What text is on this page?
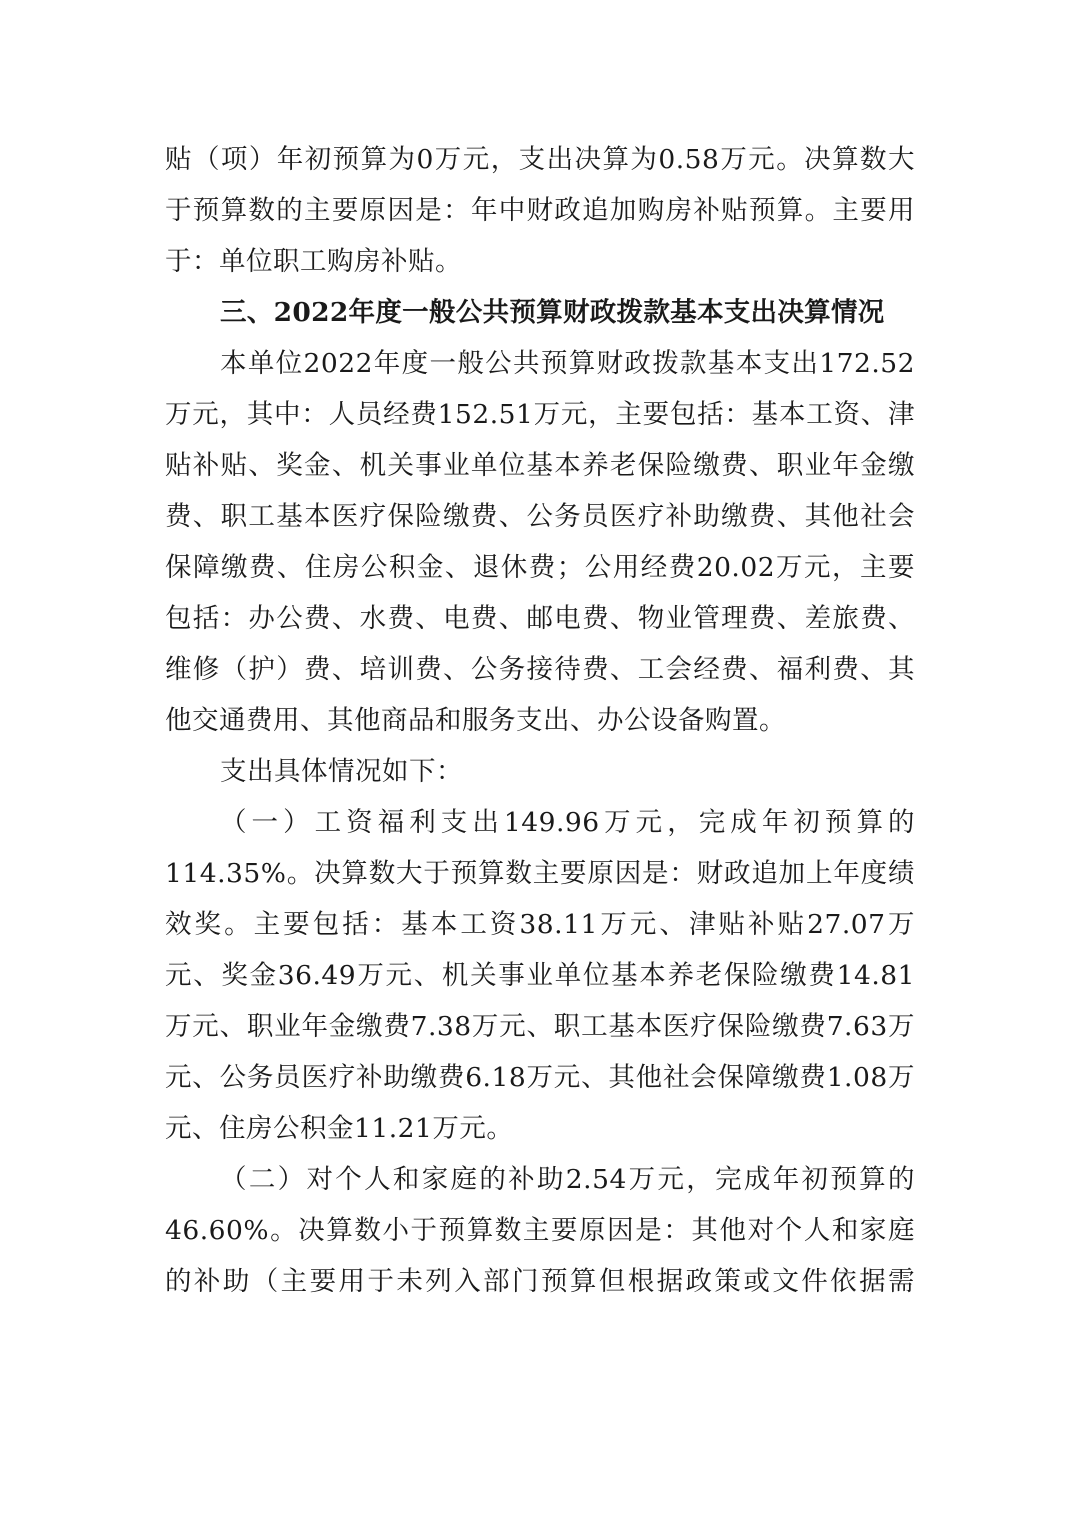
贴（项）年初预算为0万元，支出决算为0.58万元。决算数大于预算数的主要原因是：年中财政追加购房补贴预算。主要用于：单位职工购房补贴。

三、2022年度一般公共预算财政拨款基本支出决算情况

本单位2022年度一般公共预算财政拨款基本支出172.52万元，其中：人员经费152.51万元，主要包括：基本工资、津贴补贴、奖金、机关事业单位基本养老保险缴费、职业年金缴费、职工基本医疗保险缴费、公务员医疗补助缴费、其他社会保障缴费、住房公积金、退休费；公用经费20.02万元，主要包括：办公费、水费、电费、邮电费、物业管理费、差旅费、维修（护）费、培训费、公务接待费、工会经费、福利费、其他交通费用、其他商品和服务支出、办公设备购置。

支出具体情况如下：

（一）工资福利支出149.96万元，完成年初预算的114.35%。决算数大于预算数主要原因是：财政追加上年度绩效奖。主要包括：基本工资38.11万元、津贴补贴27.07万元、奖金36.49万元、机关事业单位基本养老保险缴费14.81万元、职业年金缴费7.38万元、职工基本医疗保险缴费7.63万元、公务员医疗补助缴费6.18万元、其他社会保障缴费1.08万元、住房公积金11.21万元。

（二）对个人和家庭的补助2.54万元，完成年初预算的46.60%。决算数小于预算数主要原因是：其他对个人和家庭的补助（主要用于未列入部门预算但根据政策或文件依据需
